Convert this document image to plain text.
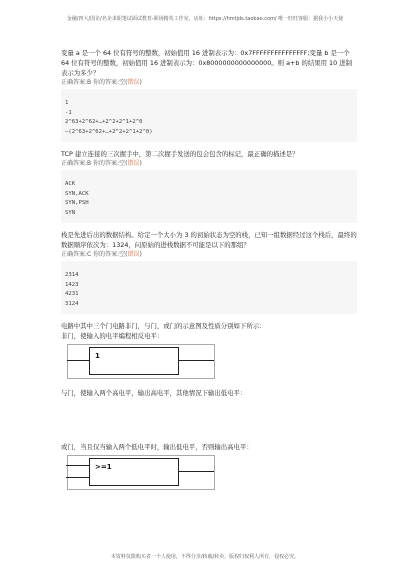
金融/四大/国企/名企求职笔试面试教育-职场精英工作室，店址：https://hmtjds.taobao.com/ 唯一旺旺客服：据我小小天使
变量 a 是一个 64 位有符号的整数，初始值用 16 进制表示为：0x7FFFFFFFFFFFFFFF;变量 b 是一个 64 位有符号的整数，初始值用 16 进制表示为：0x8000000000000000。则 a+b 的结果用 10 进制表示为多少？
正确答案:B 你的答案:空(错误)
1
-1
2^63+2^62+…+2^2+2^1+2^0
–(2^63+2^62+…+2^2+2^1+2^0)
TCP 建立连接的三次握手中，第二次握手发送的包会包含的标记，最正确的描述是？
正确答案:B 你的答案:空(错误)
ACK
SYN,ACK
SYN,PSH
SYN
栈是先进后出的数据结构。给定一个大小为 3 的初始状态为空的栈，已知一组数据经过这个栈后，最终的数据顺序依次为：1324，问原始的进栈数据不可能是以下的那组？
正确答案:C 你的答案:空(错误)
2314
1423
4231
3124
电路中其中三个门电路非门，与门，或门的示意图及性质分别如下所示：
非门，使输入的电平编程相反电平：
1
与门，使输入两个高电平，输出高电平，其他情况下输出低电平：
或门，当且仅当输入两个低电平时，输出低电平，否则输出高电平：
>=1
本资料仅限购买者一个人使用，不得分享/转载/转卖，版权归权利人所有，侵权必究。
